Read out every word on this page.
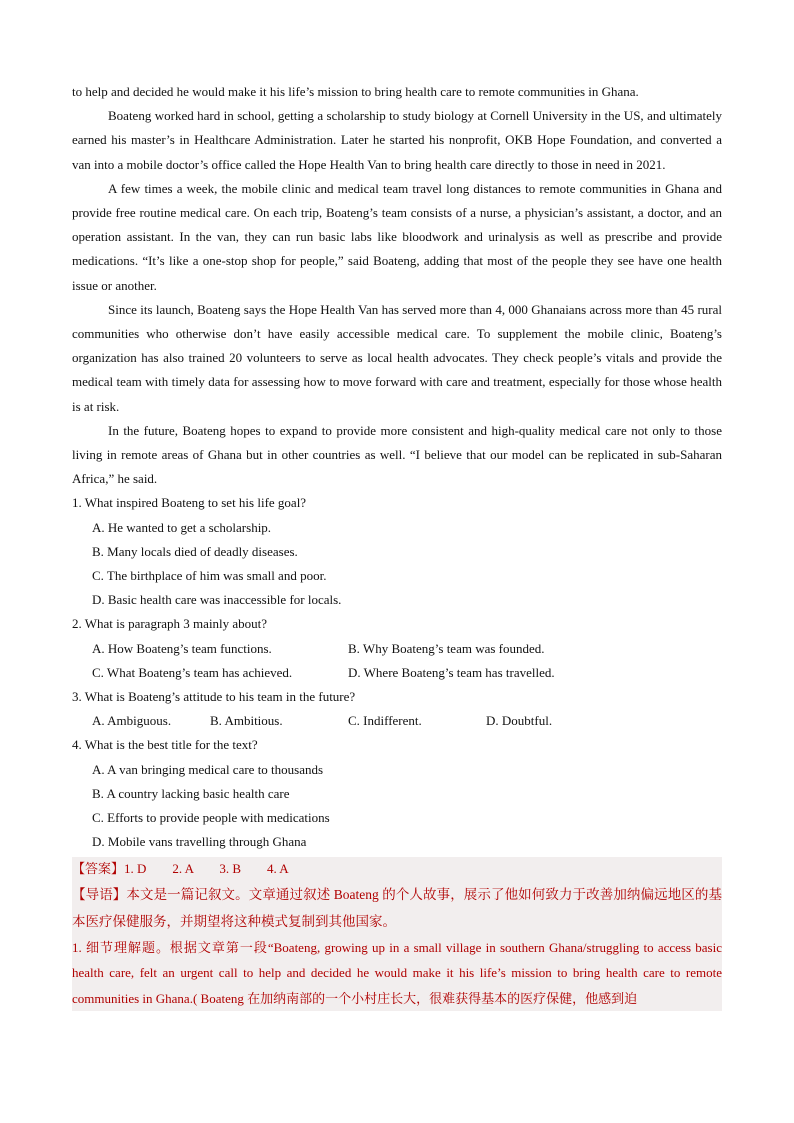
to help and decided he would make it his life’s mission to bring health care to remote communities in Ghana.

Boateng worked hard in school, getting a scholarship to study biology at Cornell University in the US, and ultimately earned his master’s in Healthcare Administration. Later he started his nonprofit, OKB Hope Foundation, and converted a van into a mobile doctor’s office called the Hope Health Van to bring health care directly to those in need in 2021.

A few times a week, the mobile clinic and medical team travel long distances to remote communities in Ghana and provide free routine medical care. On each trip, Boateng’s team consists of a nurse, a physician’s assistant, a doctor, and an operation assistant. In the van, they can run basic labs like bloodwork and urinalysis as well as prescribe and provide medications. “It’s like a one-stop shop for people,” said Boateng, adding that most of the people they see have one health issue or another.

Since its launch, Boateng says the Hope Health Van has served more than 4, 000 Ghanaians across more than 45 rural communities who otherwise don’t have easily accessible medical care. To supplement the mobile clinic, Boateng’s organization has also trained 20 volunteers to serve as local health advocates. They check people’s vitals and provide the medical team with timely data for assessing how to move forward with care and treatment, especially for those whose health is at risk.

In the future, Boateng hopes to expand to provide more consistent and high-quality medical care not only to those living in remote areas of Ghana but in other countries as well. “I believe that our model can be replicated in sub-Saharan Africa,” he said.

1. What inspired Boateng to set his life goal?

A. He wanted to get a scholarship.

B. Many locals died of deadly diseases.

C. The birthplace of him was small and poor.

D. Basic health care was inaccessible for locals.

2. What is paragraph 3 mainly about?

A. How Boateng’s team functions.	B. Why Boateng’s team was founded.
C. What Boateng’s team has achieved.	D. Where Boateng’s team has travelled.

3. What is Boateng’s attitude to his team in the future?

A. Ambiguous.	B. Ambitious.	C. Indifferent.	D. Doubtful.

4. What is the best title for the text?

A. A van bringing medical care to thousands

B. A country lacking basic health care

C. Efforts to provide people with medications

D. Mobile vans travelling through Ghana

【答案】1. D　　2. A　　3. B　　4. A

【导语】本文是一篇记叙文。文章通过叙述 Boateng 的个人故事，展示了他如何致力于改善加纳偏远地区的基本医疗保健服务，并期望将这种模式复制到其他国家。

1. 细节理解题。根据文章第一段“Boateng, growing up in a small village in southern Ghana/struggling to access basic health care, felt an urgent call to help and decided he would make it his life’s mission to bring health care to remote communities in Ghana.( Boateng 在加纳南部的一个小村庄长大，很难获得基本的医疗保健，他感到迫
